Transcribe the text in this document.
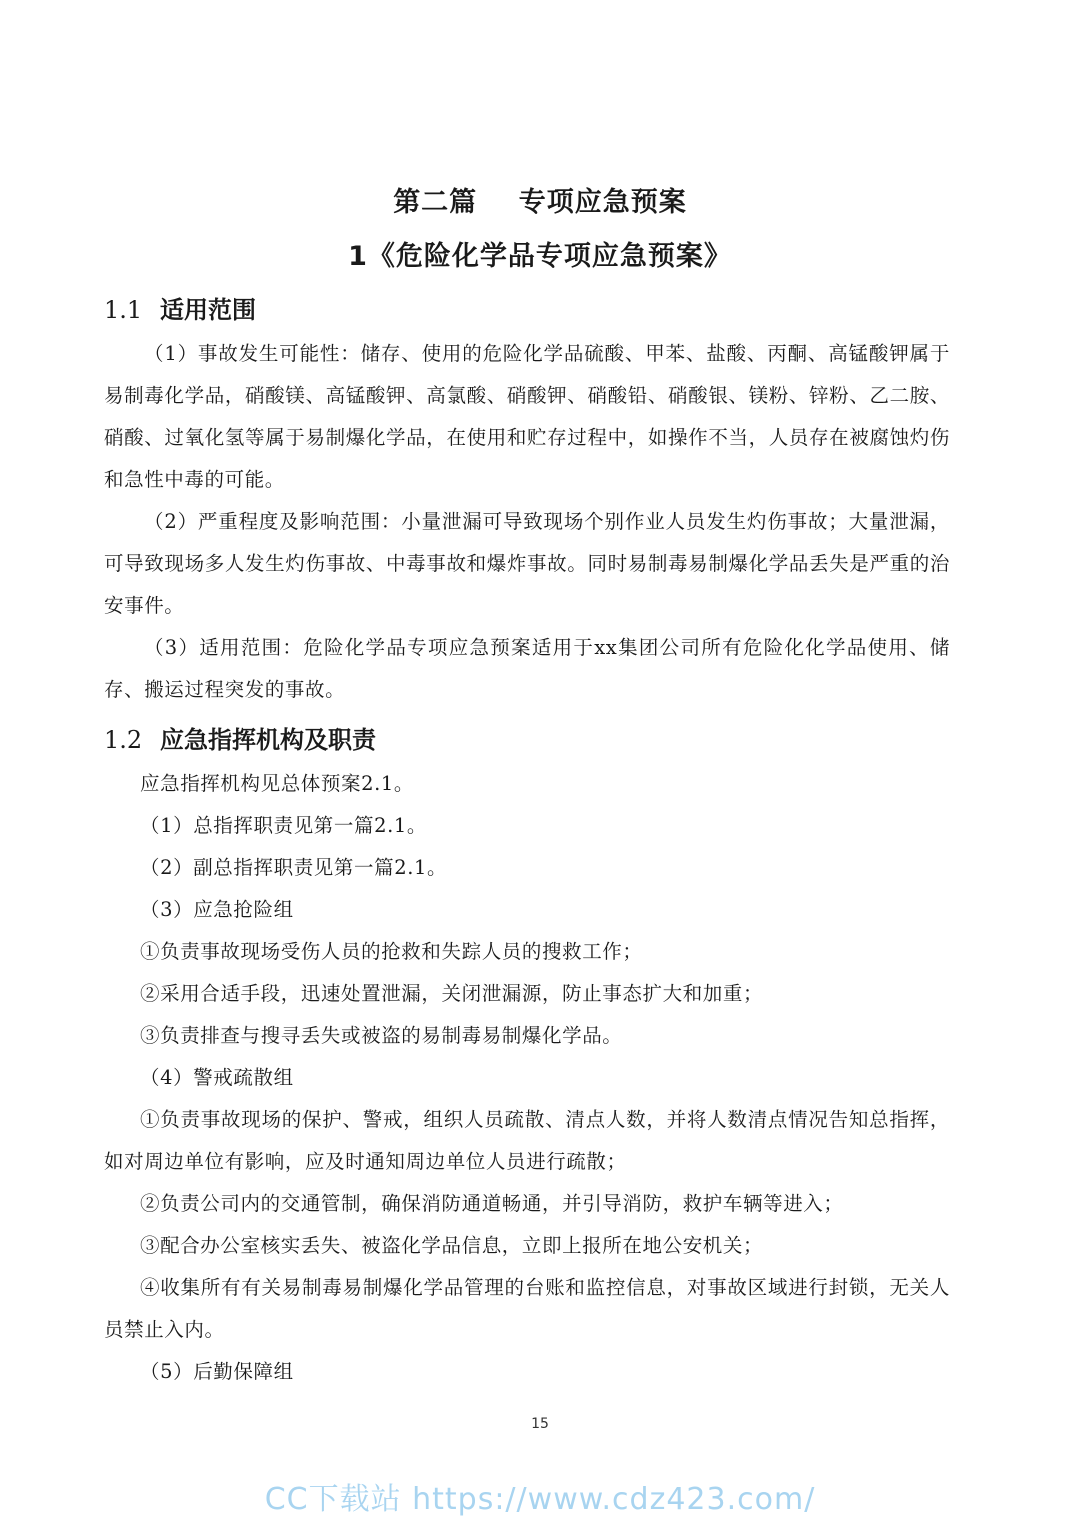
第二篇    专项应急预案
1《危险化学品专项应急预案》
1.1 适用范围
（1）事故发生可能性：储存、使用的危险化学品硫酸、甲苯、盐酸、丙酮、高锰酸钾属于易制毒化学品，硝酸镁、高锰酸钾、高氯酸、硝酸钾、硝酸铅、硝酸银、镁粉、锌粉、乙二胺、硝酸、过氧化氢等属于易制爆化学品，在使用和贮存过程中，如操作不当，人员存在被腐蚀灼伤和急性中毒的可能。
（2）严重程度及影响范围：小量泄漏可导致现场个别作业人员发生灼伤事故；大量泄漏，可导致现场多人发生灼伤事故、中毒事故和爆炸事故。同时易制毒易制爆化学品丢失是严重的治安事件。
（3）适用范围：危险化学品专项应急预案适用于xx集团公司所有危险化化学品使用、储存、搬运过程突发的事故。
1.2 应急指挥机构及职责
应急指挥机构见总体预案2.1。
（1）总指挥职责见第一篇2.1。
（2）副总指挥职责见第一篇2.1。
（3）应急抢险组
①负责事故现场受伤人员的抢救和失踪人员的搜救工作；
②采用合适手段，迅速处置泄漏，关闭泄漏源，防止事态扩大和加重；
③负责排查与搜寻丢失或被盗的易制毒易制爆化学品。
（4）警戒疏散组
①负责事故现场的保护、警戒，组织人员疏散、清点人数，并将人数清点情况告知总指挥，如对周边单位有影响，应及时通知周边单位人员进行疏散；
②负责公司内的交通管制，确保消防通道畅通，并引导消防，救护车辆等进入；
③配合办公室核实丢失、被盗化学品信息，立即上报所在地公安机关；
④收集所有有关易制毒易制爆化学品管理的台账和监控信息，对事故区域进行封锁，无关人员禁止入内。
（5）后勤保障组
15
CC下载站 https://www.cdz423.com/
